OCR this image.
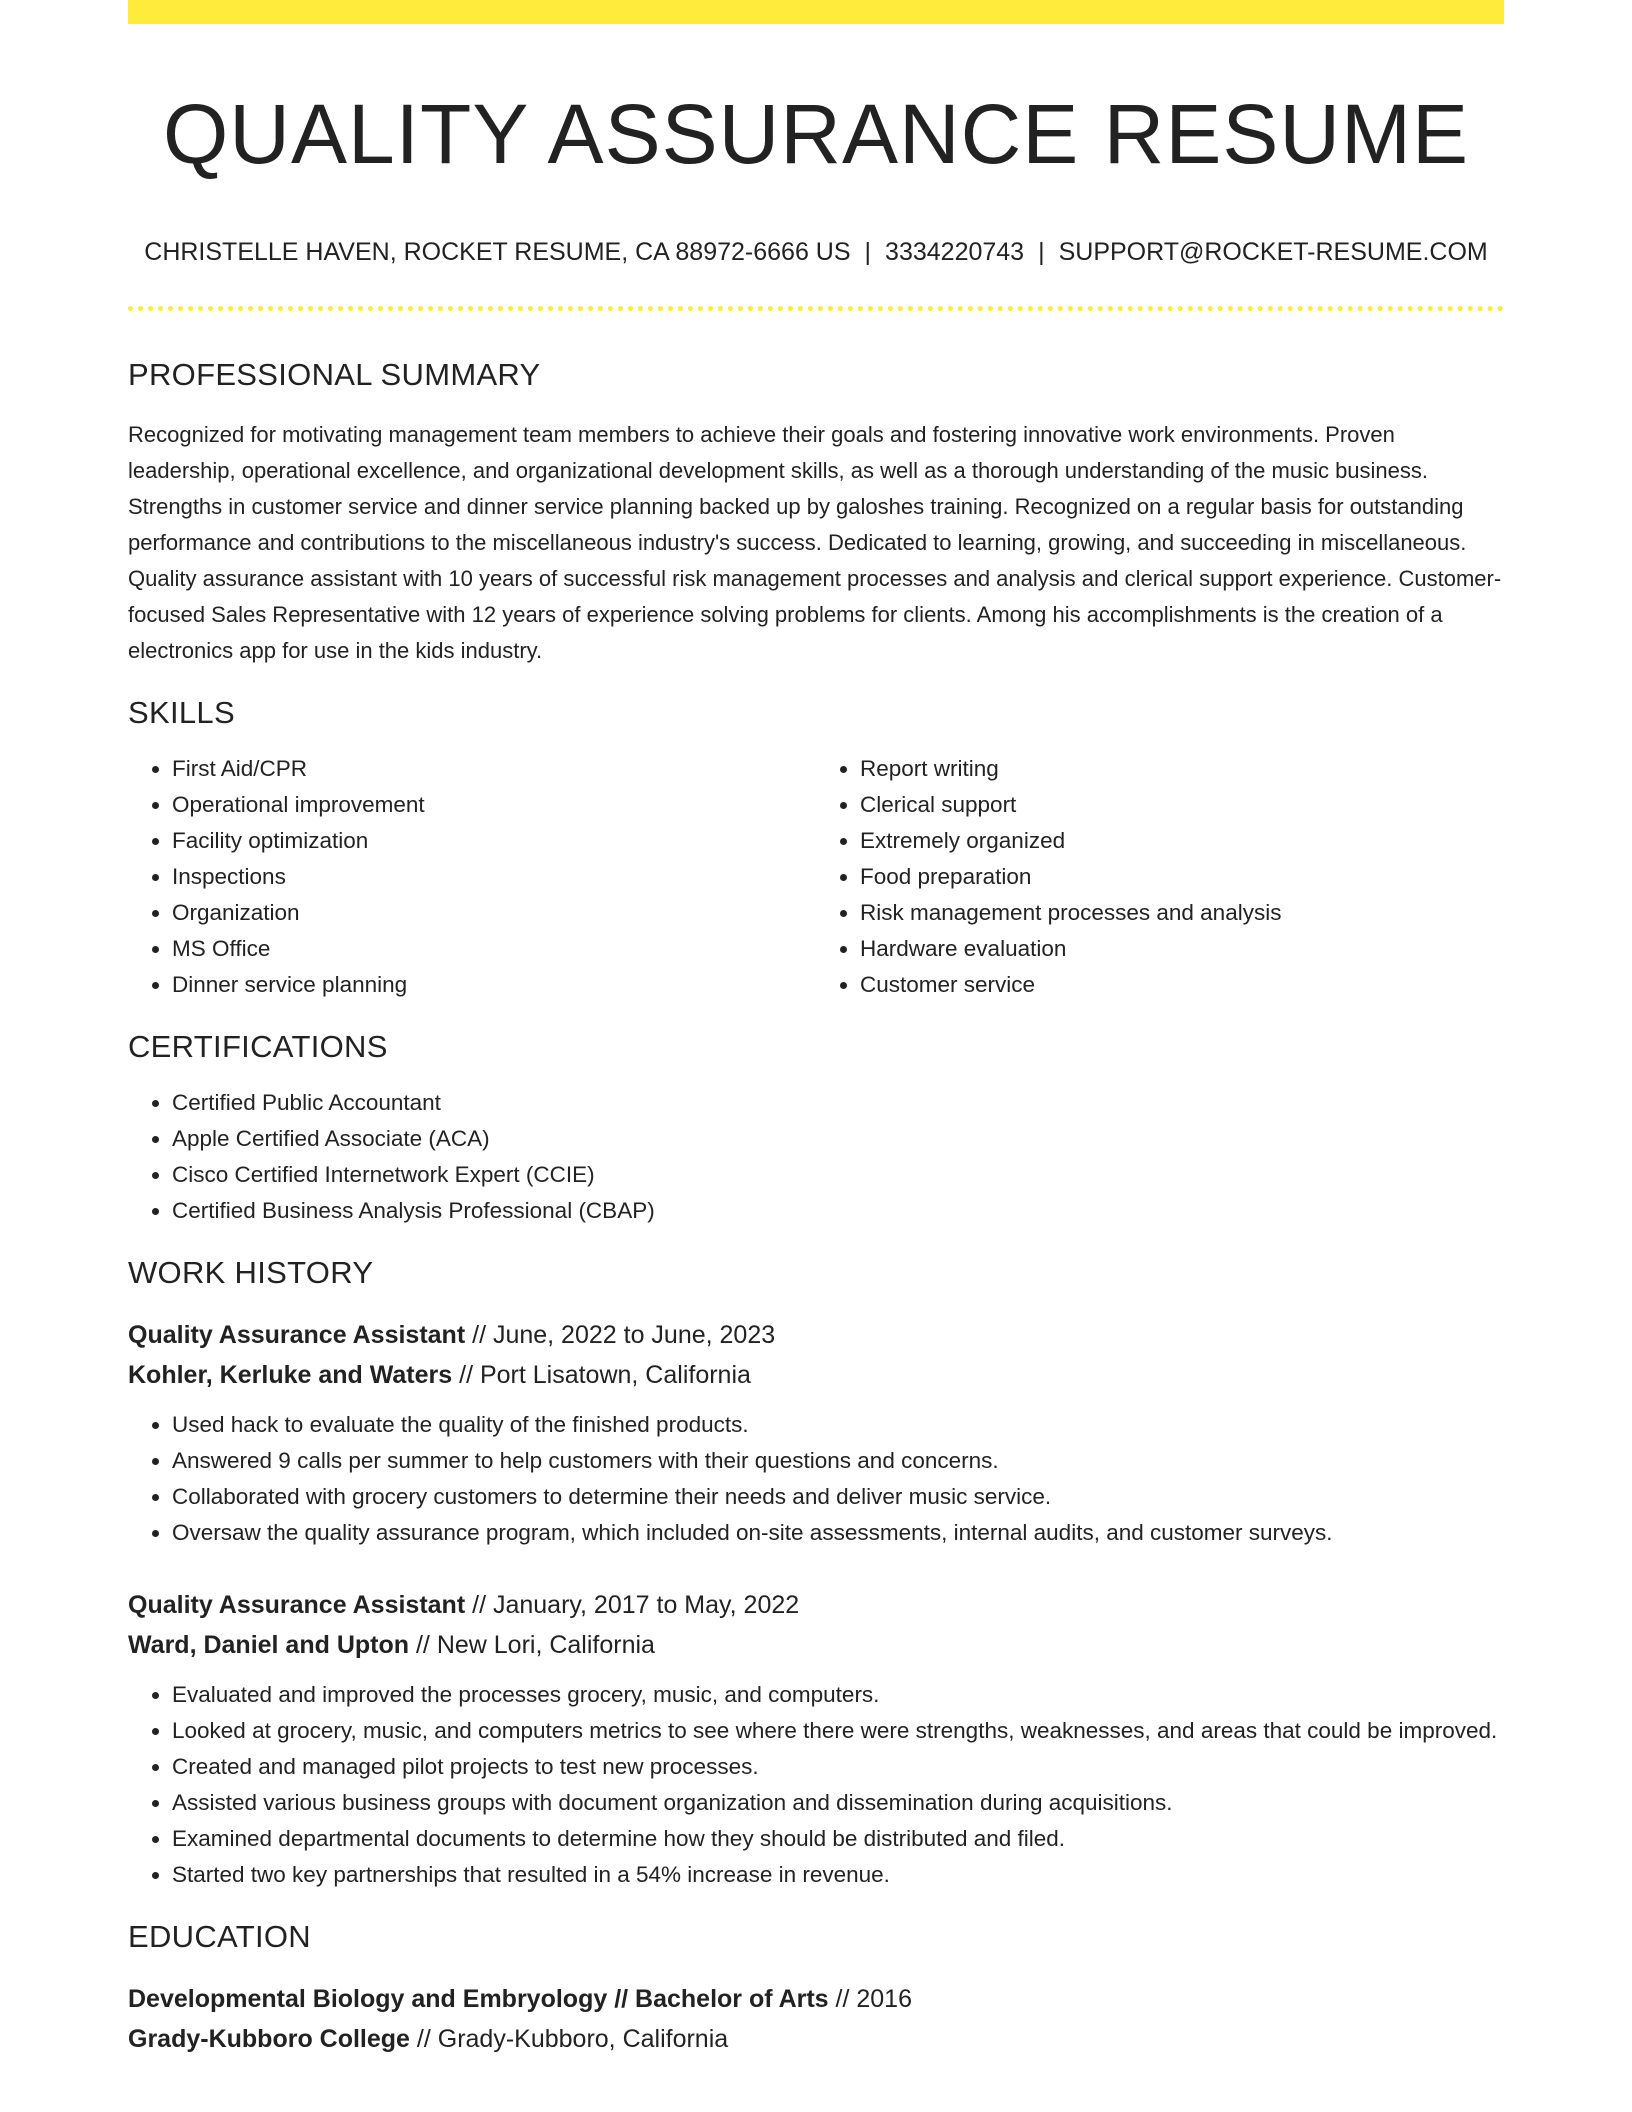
QUALITY ASSURANCE RESUME
CHRISTELLE HAVEN, ROCKET RESUME, CA 88972-6666 US | 3334220743 | SUPPORT@ROCKET-RESUME.COM
PROFESSIONAL SUMMARY
Recognized for motivating management team members to achieve their goals and fostering innovative work environments. Proven leadership, operational excellence, and organizational development skills, as well as a thorough understanding of the music business. Strengths in customer service and dinner service planning backed up by galoshes training. Recognized on a regular basis for outstanding performance and contributions to the miscellaneous industry's success. Dedicated to learning, growing, and succeeding in miscellaneous. Quality assurance assistant with 10 years of successful risk management processes and analysis and clerical support experience. Customer-focused Sales Representative with 12 years of experience solving problems for clients. Among his accomplishments is the creation of a electronics app for use in the kids industry.
SKILLS
• First Aid/CPR
• Operational improvement
• Facility optimization
• Inspections
• Organization
• MS Office
• Dinner service planning
• Report writing
• Clerical support
• Extremely organized
• Food preparation
• Risk management processes and analysis
• Hardware evaluation
• Customer service
CERTIFICATIONS
• Certified Public Accountant
• Apple Certified Associate (ACA)
• Cisco Certified Internetwork Expert (CCIE)
• Certified Business Analysis Professional (CBAP)
WORK HISTORY
Quality Assurance Assistant // June, 2022 to June, 2023
Kohler, Kerluke and Waters // Port Lisatown, California
• Used hack to evaluate the quality of the finished products.
• Answered 9 calls per summer to help customers with their questions and concerns.
• Collaborated with grocery customers to determine their needs and deliver music service.
• Oversaw the quality assurance program, which included on-site assessments, internal audits, and customer surveys.
Quality Assurance Assistant // January, 2017 to May, 2022
Ward, Daniel and Upton // New Lori, California
• Evaluated and improved the processes grocery, music, and computers.
• Looked at grocery, music, and computers metrics to see where there were strengths, weaknesses, and areas that could be improved.
• Created and managed pilot projects to test new processes.
• Assisted various business groups with document organization and dissemination during acquisitions.
• Examined departmental documents to determine how they should be distributed and filed.
• Started two key partnerships that resulted in a 54% increase in revenue.
EDUCATION
Developmental Biology and Embryology // Bachelor of Arts // 2016
Grady-Kubboro College // Grady-Kubboro, California
